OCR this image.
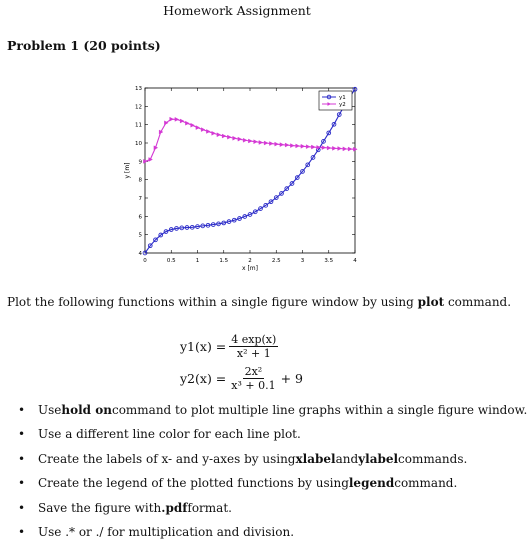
Homework Assignment
Problem 1 (20 points)
0	0.5	1	1.5	2	2.5	3	3.5	4
4
5
6
7
8
9
10
11
12
13
x [m]
y [m]
y1
y2
Plot the following functions within a single figure window by using plot command.
$y1(x) = \frac{4 \exp(x)}{\text{x² + 1}}$
$y2(x) = \frac{\text{2x²}}{\text{x³ + 0.1}} + 9$
•	Use hold on command to plot multiple line graphs within a single figure window.
•	Use a different line color for each line plot.
•	Create the labels of x- and y-axes by using xlabel and ylabel commands.
•	Create the legend of the plotted functions by using legend command.
•	Save the figure with .pdf format.
•	Use .* or ./ for multiplication and division.
